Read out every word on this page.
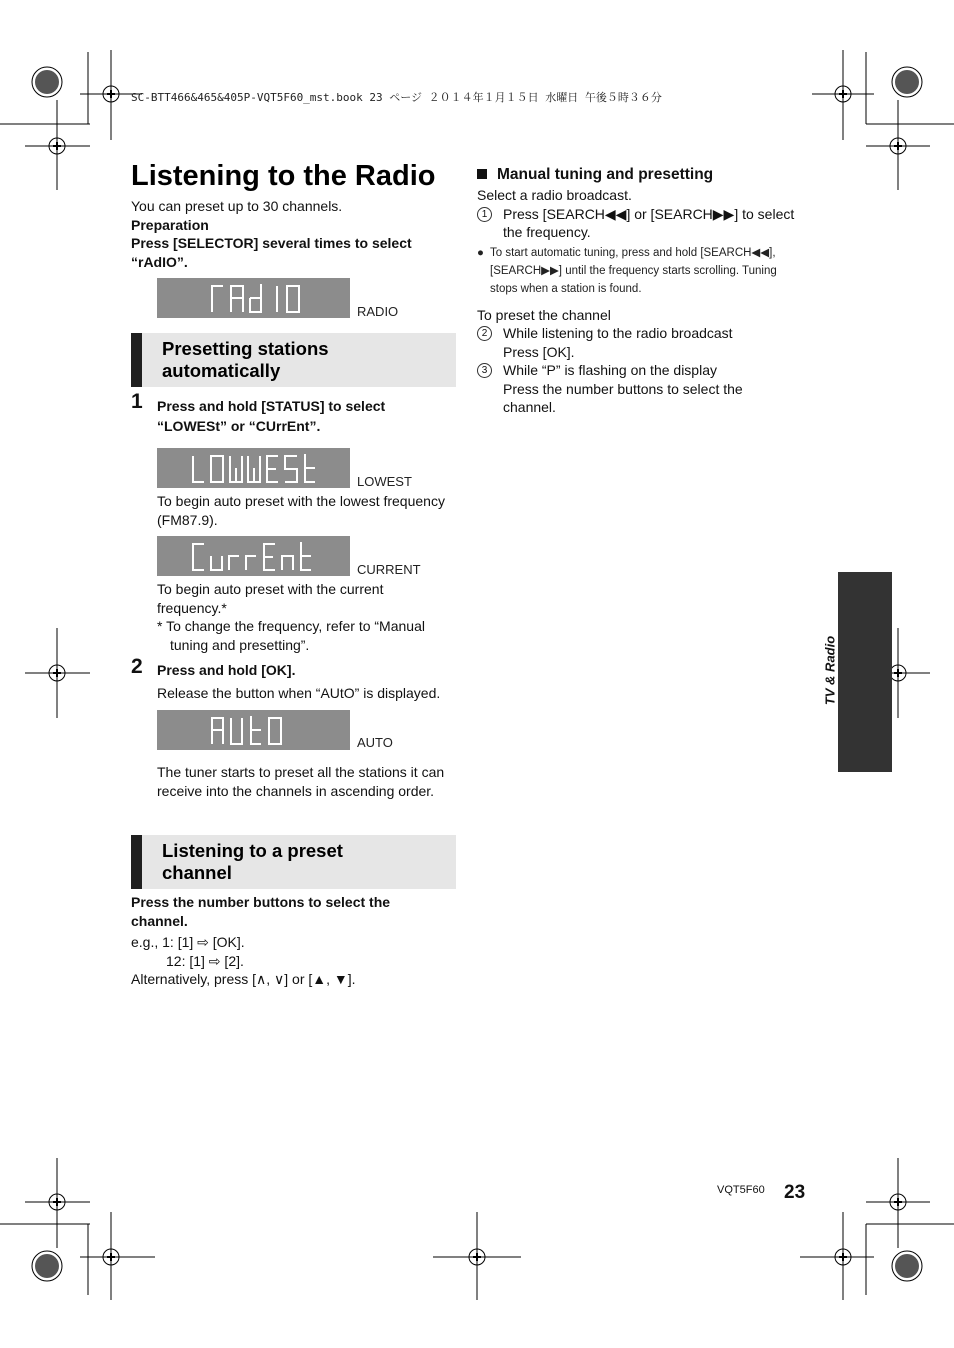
SC-BTT466&465&405P-VQT5F60_mst.book 23 ページ ２０１４年１月１５日 水曜日 午後５時３６分
Listening to the Radio
You can preset up to 30 channels.
Preparation
Press [SELECTOR] several times to select “rAdIO”.
RADIO
Presetting stations
automatically
1 Press and hold [STATUS] to select “LOWESt” or “CUrrEnt”.
LOWEST
To begin auto preset with the lowest frequency (FM87.9).
CURRENT
To begin auto preset with the current frequency.*
* To change the frequency, refer to “Manual tuning and presetting”.
2 Press and hold [OK].
Release the button when “AUtO” is displayed.
AUTO
The tuner starts to preset all the stations it can receive into the channels in ascending order.
Listening to a preset
channel
Press the number buttons to select the channel.
e.g., 1: [1] ⇨ [OK].
12: [1] ⇨ [2].
Alternatively, press [∧, ∨] or [▲, ▼].
Manual tuning and presetting
Select a radio broadcast.
1	Press [SEARCH◀◀] or [SEARCH▶▶] to select the frequency.
● To start automatic tuning, press and hold [SEARCH◀◀], [SEARCH▶▶] until the frequency starts scrolling. Tuning stops when a station is found.
To preset the channel
2	While listening to the radio broadcast
Press [OK].
3	While “P” is flashing on the display
Press the number buttons to select the channel.
TV & Radio
VQT5F60 23
